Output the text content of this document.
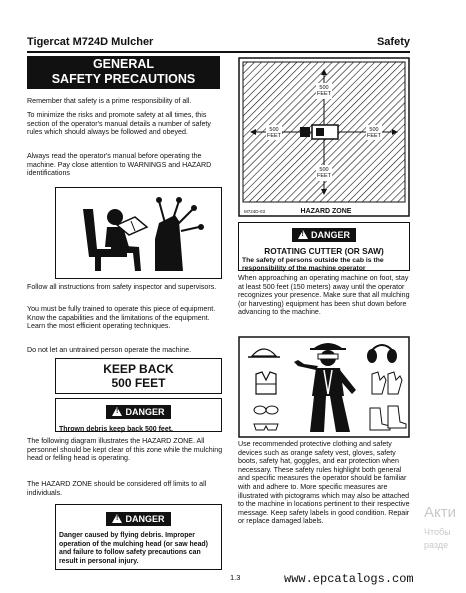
Tigercat M724D Mulcher	Safety
GENERAL
SAFETY PRECAUTIONS
Remember that safety is a prime responsibility of all.
To minimize the risks and promote safety at all times, this section of the operator's manual details a number of safety rules which should always be followed and obeyed.
Always read the operator's manual before operating the machine. Pay close attention to WARNINGS and HAZARD identifications
Follow all instructions from safety inspector and supervisors.
You must be fully trained to operate this piece of equipment. Know the capabilities and the limitations of the equipment. Learn the most efficient operating techniques.
Do not let an untrained person operate the machine.
KEEP BACK
500 FEET
!
DANGER
Thrown debris keep back 500 feet.
The following diagram illustrates the HAZARD ZONE. All personnel should be kept clear of this zone while the mulching head or felling head is operating.
The HAZARD ZONE should be considered off limits to all individuals.
!
DANGER
Danger caused by flying debris. Improper operation of the mulching head (or saw head) and failure to follow safety precautions can result in personal injury.
500 FEET
500 FEET
500 FEET
500 FEET
M724D-03	HAZARD ZONE
!
DANGER
ROTATING CUTTER (OR SAW)
The safety of persons outside the cab is the responsibility of the machine operator
When approaching an operating machine on foot, stay at least 500 feet (150 meters) away until the operator recognizes your presence. Make sure that all mulching (or harvesting) equipment has been shut down before advancing to the machine.
Use recommended protective clothing and safety devices such as orange safety vest, gloves, safety boots, safety hat, goggles, and ear protection when necessary. These safety rules highlight both general and specific measures the operator should be familiar with and adhere to. More specific measures are illustrated with pictograms which may also be attached to the machine in locations pertinent to their respective message. Keep safety labels in good condition. Repair or replace damaged labels.
1.3	www.epcatalogs.com
Акти
Чтобы
разде
